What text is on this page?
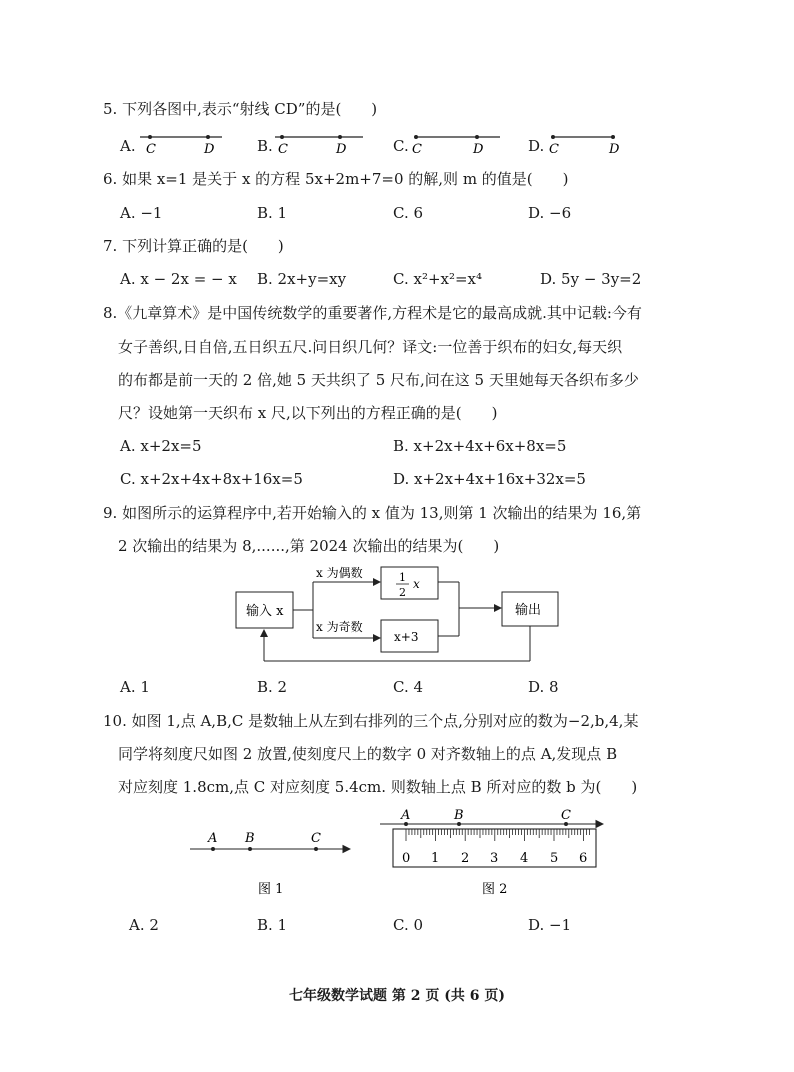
5. 下列各图中,表示“射线 CD”的是(　　)
A.	B.	C.	D.
C	D	C	D	C	D	C	D
6. 如果 x=1 是关于 x 的方程 5x+2m+7=0 的解,则 m 的值是(　　)
A. −1	B. 1	C. 6	D. −6
7. 下列计算正确的是(　　)
A. x − 2x = − x B. 2x+y=xy	C. x²+x²=x⁴	D. 5y − 3y=2
8.《九章算术》是中国传统数学的重要著作,方程术是它的最高成就.其中记载:今有
女子善织,日自倍,五日织五尺.问日织几何？译文:一位善于织布的妇女,每天织
的布都是前一天的 2 倍,她 5 天共织了 5 尺布,问在这 5 天里她每天各织布多少
尺？设她第一天织布 x 尺,以下列出的方程正确的是(　　)
A. x+2x=5	B. x+2x+4x+6x+8x=5
C. x+2x+4x+8x+16x=5	D. x+2x+4x+16x+32x=5
9. 如图所示的运算程序中,若开始输入的 x 值为 13,则第 1 次输出的结果为 16,第
2 次输出的结果为 8,......,第 2024 次输出的结果为(　　)
输入 x
x 为偶数
x 为奇数
1
2
x
x+3
输出
A. 1	B. 2	C. 4	D. 8
10. 如图 1,点 A,B,C 是数轴上从左到右排列的三个点,分别对应的数为−2,b,4,某
同学将刻度尺如图 2 放置,使刻度尺上的数字 0 对齐数轴上的点 A,发现点 B
对应刻度 1.8cm,点 C 对应刻度 5.4cm. 则数轴上点 B 所对应的数 b 为(　　)
A B	C
图 1
A	B	C
0 1 2 3 4 5 6
图 2
A. 2	B. 1	C. 0	D. −1
七年级数学试题 第 2 页 (共 6 页)
